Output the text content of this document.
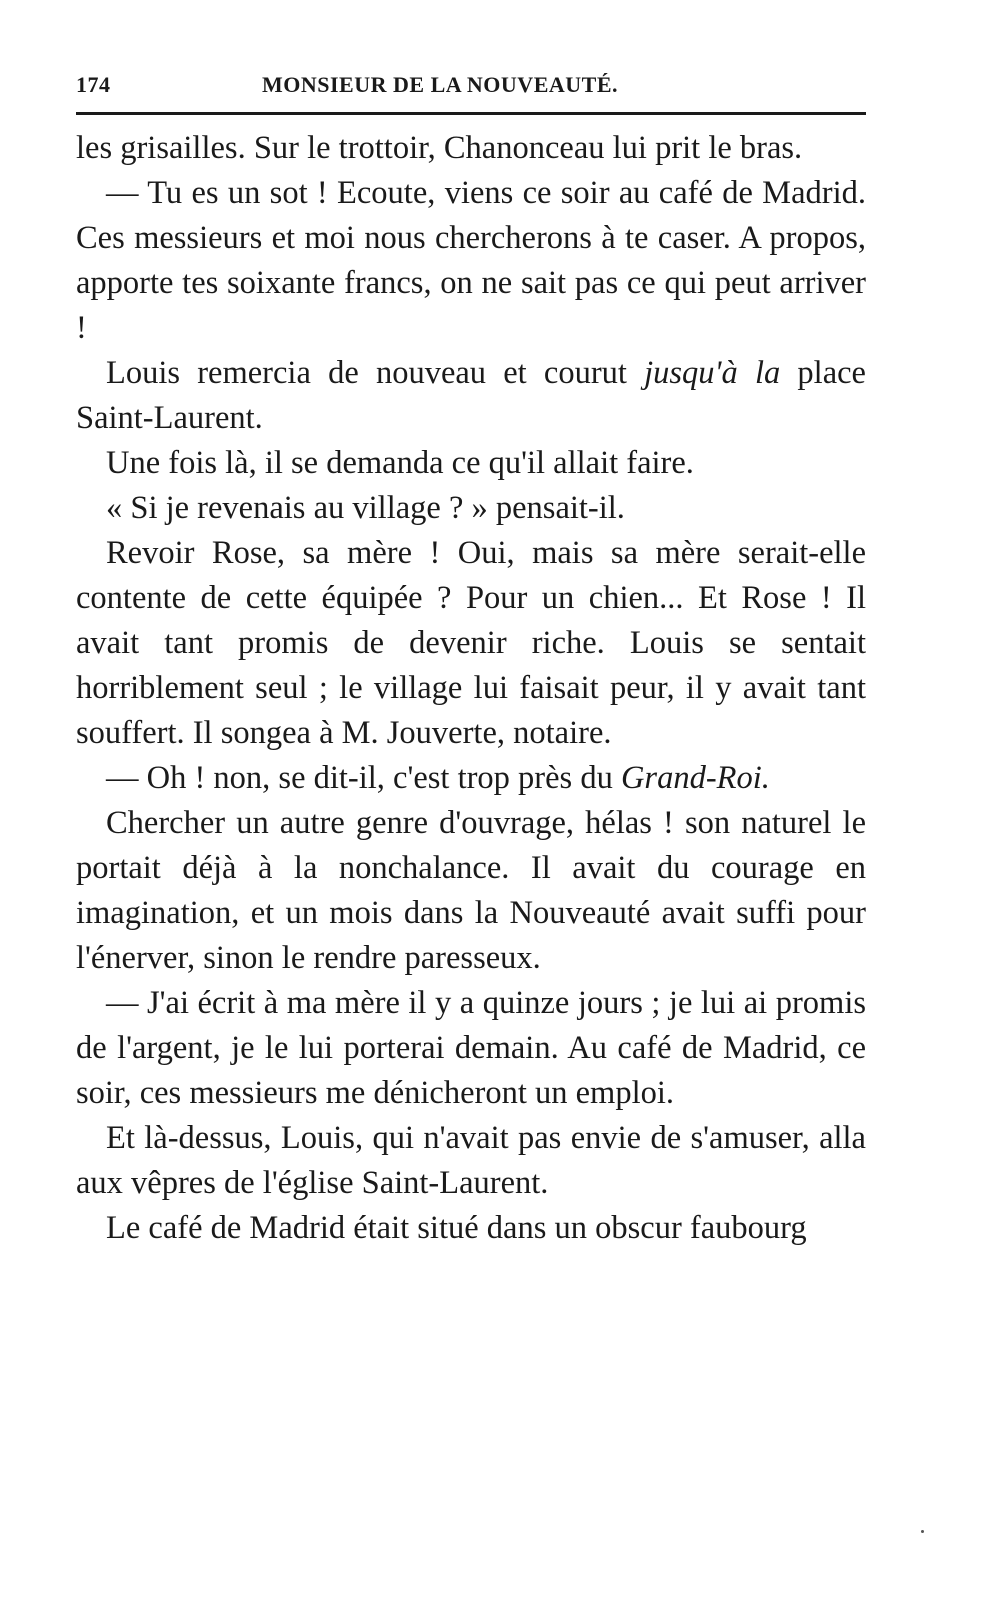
174	MONSIEUR DE LA NOUVEAUTÉ.

les grisailles. Sur le trottoir, Chanonceau lui prit le bras.

— Tu es un sot ! Ecoute, viens ce soir au café de Madrid. Ces messieurs et moi nous chercherons à te caser. A propos, apporte tes soixante francs, on ne sait pas ce qui peut arriver !

Louis remercia de nouveau et courut jusqu'à la place Saint-Laurent.

Une fois là, il se demanda ce qu'il allait faire.

« Si je revenais au village ? » pensait-il.

Revoir Rose, sa mère ! Oui, mais sa mère serait-elle contente de cette équipée ? Pour un chien... Et Rose ! Il avait tant promis de devenir riche. Louis se sentait horriblement seul ; le village lui faisait peur, il y avait tant souffert. Il songea à M. Jouverte, notaire.

— Oh ! non, se dit-il, c'est trop près du Grand-Roi.

Chercher un autre genre d'ouvrage, hélas ! son naturel le portait déjà à la nonchalance. Il avait du courage en imagination, et un mois dans la Nouveauté avait suffi pour l'énerver, sinon le rendre paresseux.

— J'ai écrit à ma mère il y a quinze jours ; je lui ai promis de l'argent, je le lui porterai demain. Au café de Madrid, ce soir, ces messieurs me dénicheront un emploi.

Et là-dessus, Louis, qui n'avait pas envie de s'amuser, alla aux vêpres de l'église Saint-Laurent.

Le café de Madrid était situé dans un obscur faubourg
